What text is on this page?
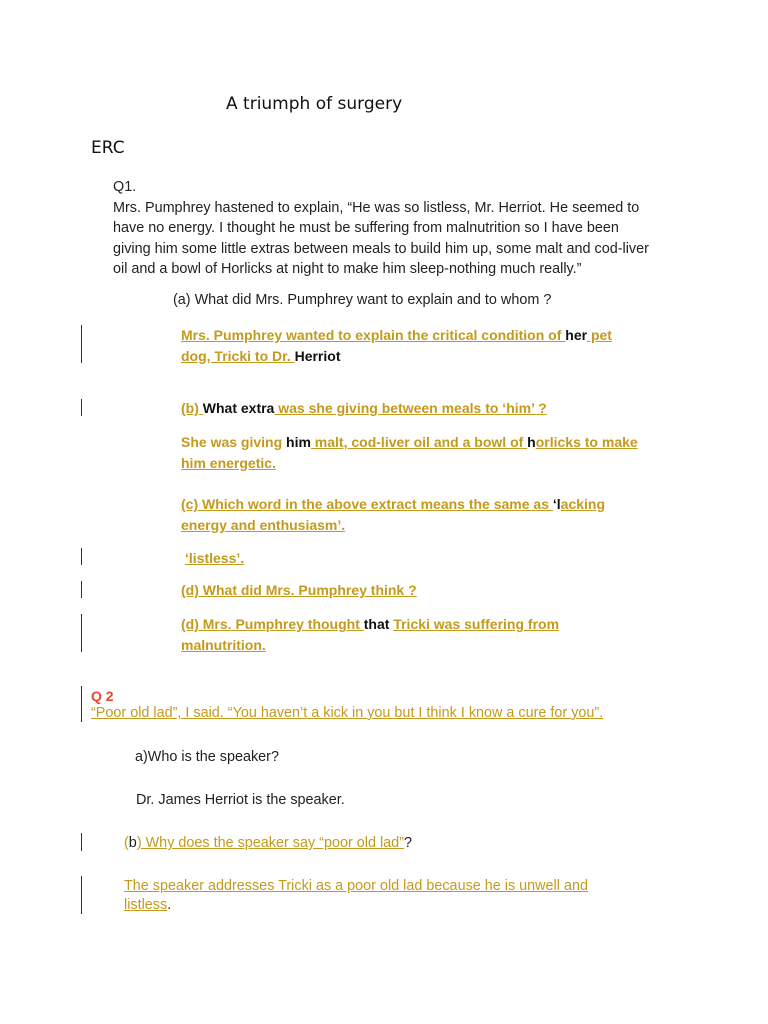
A triumph of surgery
ERC
Q1.
Mrs. Pumphrey hastened to explain, “He was so listless, Mr. Herriot. He seemed to
have no energy. I thought he must be suffering from malnutrition so I have been
giving him some little extras between meals to build him up, some malt and cod-liver
oil and a bowl of Horlicks at night to make him sleep-nothing much really.”
(a) What did Mrs. Pumphrey want to explain and to whom ?
Mrs. Pumphrey wanted to explain the critical condition of her pet
dog, Tricki to Dr. Herriot
(b) What extra was she giving between meals to ‘him’ ?
She was giving him malt, cod-liver oil and a bowl of horlicks to make
him energetic.
(c) Which word in the above extract means the same as ‘lacking
energy and enthusiasm’.
‘listless’.
(d) What did Mrs. Pumphrey think ?
(d) Mrs. Pumphrey thought that Tricki was suffering from
malnutrition.
Q 2
“Poor old lad”, I said. “You haven’t a kick in you but I think I know a cure for you”.
a)Who is the speaker?
Dr. James Herriot is the speaker.
(b) Why does the speaker say “poor old lad”?
The speaker addresses Tricki as a poor old lad because he is unwell and
listless.
